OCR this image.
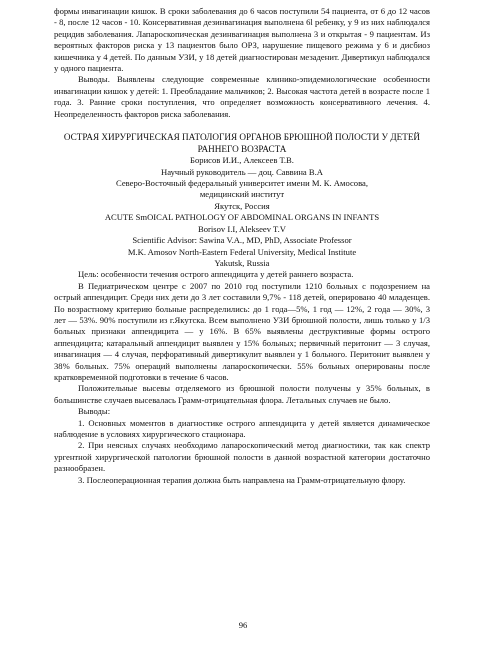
формы инвагинации кишок. В сроки заболевания до 6 часов поступили 54 пациента, от 6 до 12 часов - 8, после 12 часов - 10. Консервативная дезинвагинация выполнена 6l ребенку, у 9 из них наблюдался рецидив заболевания. Лапароскопическая дезинвагинация выполнена 3 и открытая - 9 пациентам. Из вероятных факторов риска у 13 пациентов было ОРЗ, нарушение пищевого режима у 6 и дисбиоз кишечника у 4 детей. По данным УЗИ, у 18 детей диагностирован мезаденит. Дивертикул наблюдался у одного пациента.

Выводы. Выявлены следующие современные клинико-эпидемиологические особенности инвагинации кишок у детей: 1. Преобладание мальчиков; 2. Высокая частота детей в возрасте после 1 года. 3. Ранние сроки поступления, что определяет возможность консервативного лечения. 4. Неопределенность факторов риска заболевания.

ОСТРАЯ ХИРУРГИЧЕСКАЯ ПАТОЛОГИЯ ОРГАНОВ БРЮШНОЙ ПОЛОСТИ У ДЕТЕЙ РАННЕГО ВОЗРАСТА

Борисов И.И., Алексеев Т.В.

Научный руководитель — доц. Саввина В.А

Северо-Восточный федеральный университет имени М. К. Амосова,

медицинский институт

Якутск, Россия

ACUTE SmOICAL PATHOLOGY OF ABDOMINAL ORGANS IN INFANTS

Borisov I.I, Alekseev T.V

Scientific Advisor: Sawina V.A., MD, PhD, Associate Professor

M.K. Amosov North-Eastern Federal University, Medical Institute

Yakutsk, Russia

Цель: особенности течения острого аппендицита у детей раннего возраста.

В Педиатрическом центре с 2007 по 2010 год поступили 1210 больных с подозрением на острый аппендицит. Среди них дети до 3 лет составили 9,7% - 118 детей, оперировано 40 младенцев. По возрастному критерию больные распределились: до 1 года—5%, 1 год — 12%, 2 года — 30%, 3 лет — 53%. 90% поступили из г.Якутска. Всем выполнено УЗИ брюшной полости, лишь только у 1/3 больных признаки аппендицита — у 16%. В 65% выявлены деструктивные формы острого аппендицита; катаральный аппендицит выявлен у 15% больных; первичный перитонит — 3 случая, инвагинация — 4 случая, перфоративный дивертикулит выявлен у 1 больного. Перитонит выявлен у 38% больных. 75% операций выполнены лапароскопически. 55% больных оперированы после кратковременной подготовки в течение 6 часов.

Положительные высевы отделяемого из брюшной полости получены у 35% больных, в большинстве случаев высевалась Грамм-отрицательная флора. Летальных случаев не было.

Выводы:

1. Основных моментов в диагностике острого аппендицита у детей является динамическое наблюдение в условиях хирургического стационара.

2. При неясных случаях необходимо лапароскопический метод диагностики, так как спектр ургентной хирургической патологии брюшной полости в данной возрастной категории достаточно разнообразен.

3. Послеоперационная терапия должна быть направлена на Грамм-отрицательную флору.

96
